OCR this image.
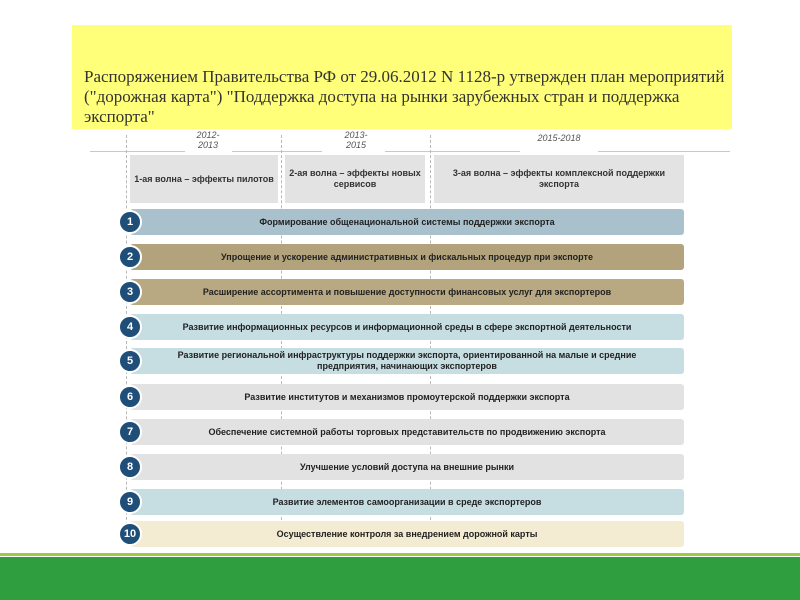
Распоряжением Правительства РФ от 29.06.2012 N 1128-р утвержден план мероприятий ("дорожная карта") "Поддержка доступа на рынки зарубежных стран и поддержка экспорта"
2012-
2013
2013-
2015
2015-2018
1-ая волна – эффекты пилотов
2-ая волна – эффекты новых сервисов
3-ая волна – эффекты комплексной поддержки экспорта
Формирование общенациональной системы поддержки экспорта
1
Упрощение и ускорение административных и фискальных процедур при экспорте
2
Расширение ассортимента и повышение доступности финансовых услуг для экспортеров
3
Развитие информационных ресурсов и информационной среды в сфере экспортной деятельности
4
Развитие региональной инфраструктуры поддержки экспорта, ориентированной на малые и средние предприятия, начинающих экспортеров
5
Развитие институтов и механизмов промоутерской поддержки экспорта
6
Обеспечение системной работы торговых представительств по продвижению экспорта
7
Улучшение условий доступа на внешние рынки
8
Развитие элементов самоорганизации в среде экспортеров
9
Осуществление контроля за внедрением дорожной карты
10
